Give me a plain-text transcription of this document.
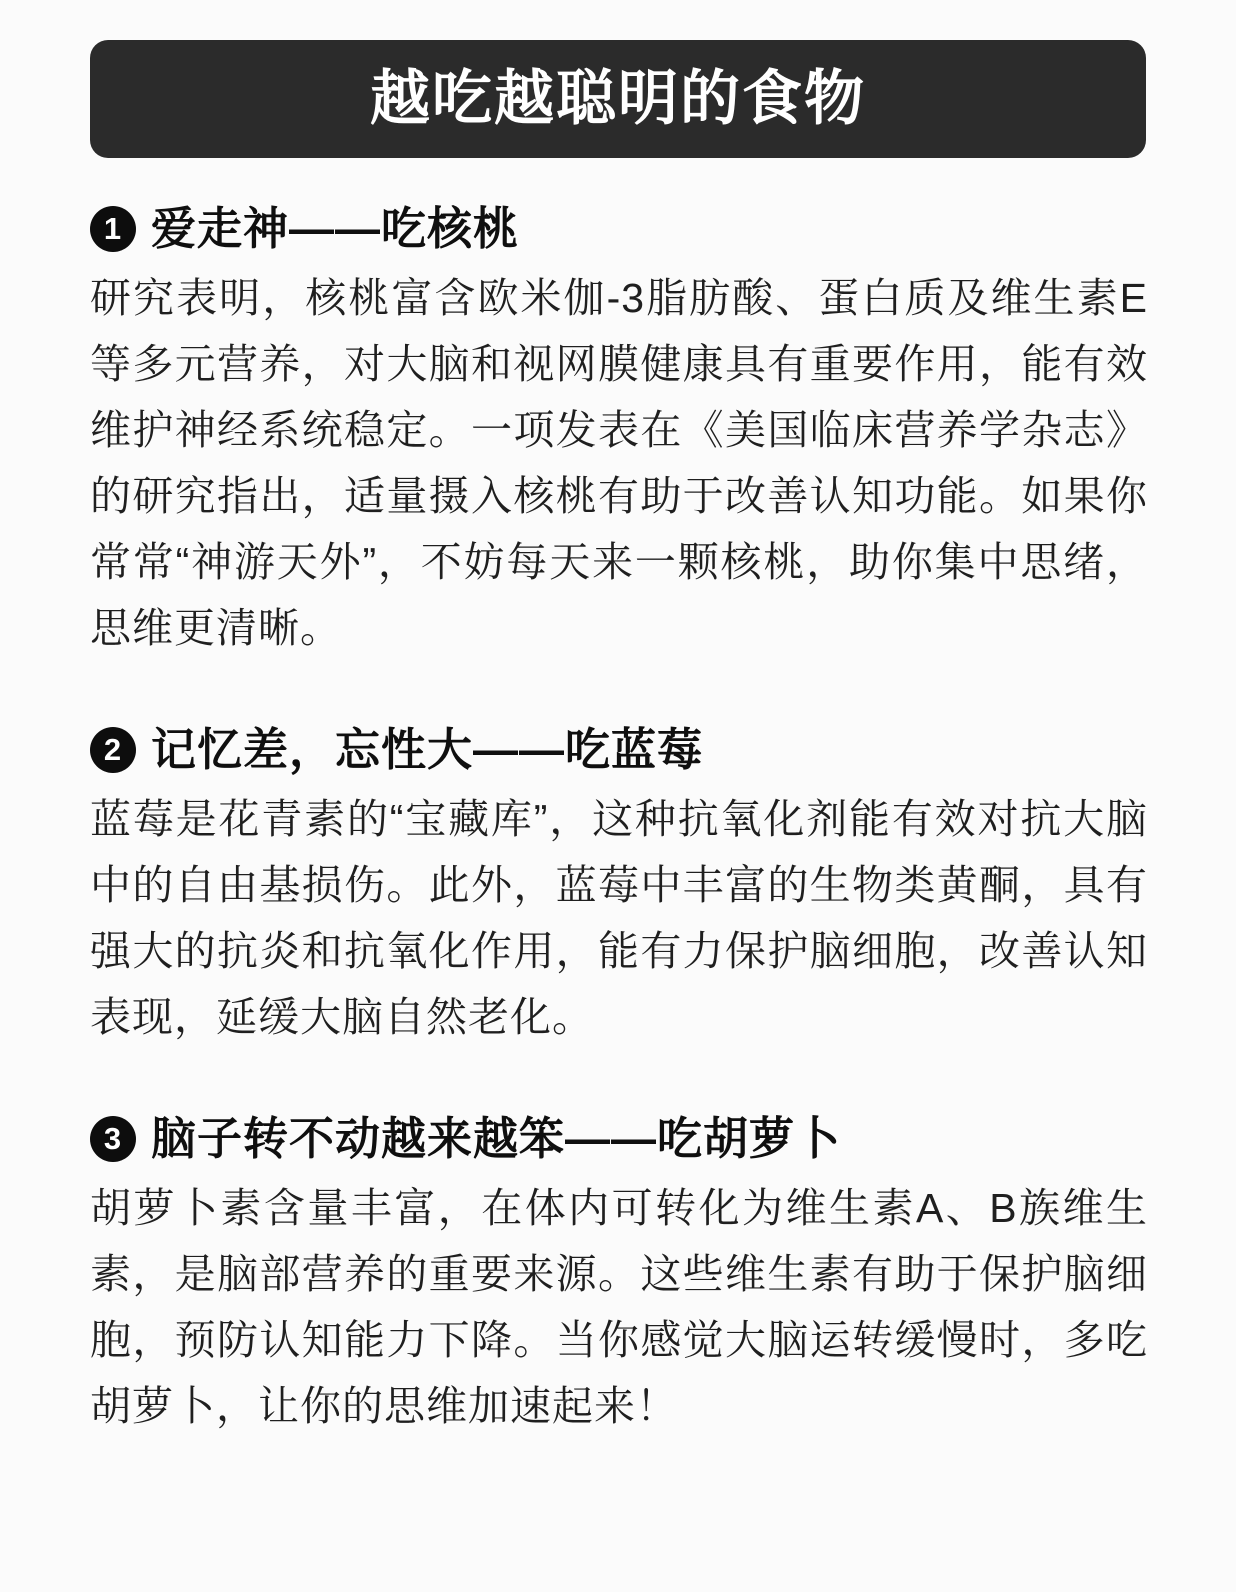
越吃越聪明的食物
1 爱走神——吃核桃

研究表明，核桃富含欧米伽-3脂肪酸、蛋白质及维生素E等多元营养，对大脑和视网膜健康具有重要作用，能有效维护神经系统稳定。一项发表在《美国临床营养学杂志》的研究指出，适量摄入核桃有助于改善认知功能。如果你常常“神游天外”，不妨每天来一颗核桃，助你集中思绪，思维更清晰。

2 记忆差，忘性大——吃蓝莓

蓝莓是花青素的“宝藏库”，这种抗氧化剂能有效对抗大脑中的自由基损伤。此外，蓝莓中丰富的生物类黄酮，具有强大的抗炎和抗氧化作用，能有力保护脑细胞，改善认知表现，延缓大脑自然老化。

3 脑子转不动越来越笨——吃胡萝卜

胡萝卜素含量丰富，在体内可转化为维生素A、B族维生素，是脑部营养的重要来源。这些维生素有助于保护脑细胞，预防认知能力下降。当你感觉大脑运转缓慢时，多吃胡萝卜，让你的思维加速起来！
